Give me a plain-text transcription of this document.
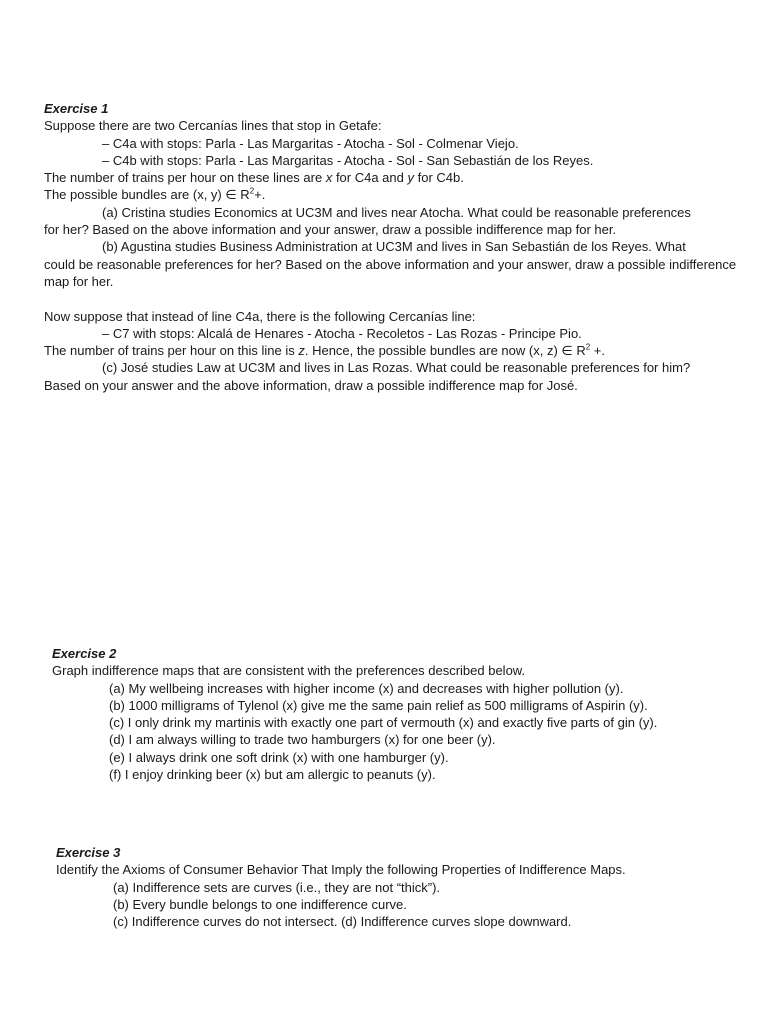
Exercise 1
Suppose there are two Cercanías lines that stop in Getafe:
– C4a with stops: Parla - Las Margaritas - Atocha - Sol - Colmenar Viejo.
– C4b with stops: Parla - Las Margaritas - Atocha - Sol - San Sebastián de los Reyes.
The number of trains per hour on these lines are x for C4a and y for C4b.
The possible bundles are (x, y) ∈ $R^2+$.
(a) Cristina studies Economics at UC3M and lives near Atocha. What could be reasonable preferences
for her? Based on the above information and your answer, draw a possible indifference map for her.
(b) Agustina studies Business Administration at UC3M and lives in San Sebastián de los Reyes. What
could be reasonable preferences for her? Based on the above information and your answer, draw a possible indifference map for her.
Now suppose that instead of line C4a, there is the following Cercanías line:
– C7 with stops: Alcalá de Henares - Atocha - Recoletos - Las Rozas - Principe Pio.
The number of trains per hour on this line is z. Hence, the possible bundles are now (x, z) ∈ $R^2$ +.
(c) José studies Law at UC3M and lives in Las Rozas. What could be reasonable preferences for him?
Based on your answer and the above information, draw a possible indifference map for José.
Exercise 2
Graph indifference maps that are consistent with the preferences described below.
(a) My wellbeing increases with higher income (x) and decreases with higher pollution (y).
(b) 1000 milligrams of Tylenol (x) give me the same pain relief as 500 milligrams of Aspirin (y).
(c) I only drink my martinis with exactly one part of vermouth (x) and exactly five parts of gin (y).
(d) I am always willing to trade two hamburgers (x) for one beer (y).
(e) I always drink one soft drink (x) with one hamburger (y).
(f) I enjoy drinking beer (x) but am allergic to peanuts (y).
Exercise 3
Identify the Axioms of Consumer Behavior That Imply the following Properties of Indifference Maps.
(a) Indifference sets are curves (i.e., they are not “thick”).
(b) Every bundle belongs to one indifference curve.
(c) Indifference curves do not intersect. (d) Indifference curves slope downward.
